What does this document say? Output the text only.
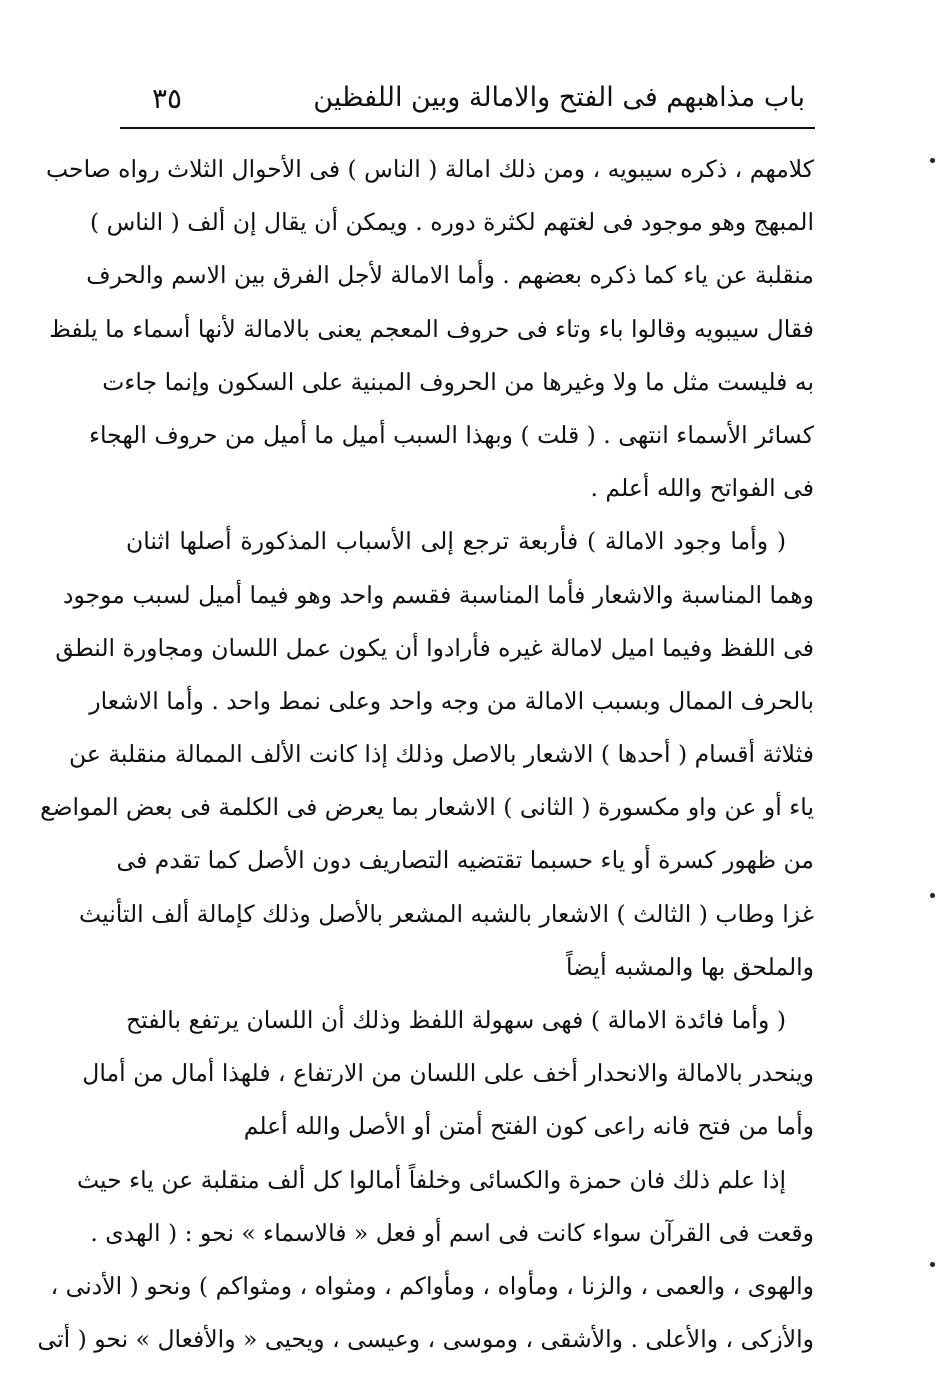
باب مذاهبهم فى الفتح والامالة وبين اللفظين
٣٥
كلامهم ، ذكره سيبويه ، ومن ذلك امالة ( الناس ) فى الأحوال الثلاث رواه صاحب
المبهج وهو موجود فى لغتهم لكثرة دوره . ويمكن أن يقال إن ألف ( الناس )
منقلبة عن ياء كما ذكره بعضهم . وأما الامالة لأجل الفرق بين الاسم والحرف
فقال سيبويه وقالوا باء وتاء فى حروف المعجم يعنى بالامالة لأنها أسماء ما يلفظ
به فليست مثل ما ولا وغيرها من الحروف المبنية على السكون وإنما جاءت
كسائر الأسماء انتهى . ( قلت ) وبهذا السبب أميل ما أميل من حروف الهجاء
فى الفواتح والله أعلم .
( وأما وجود الامالة ) فأربعة ترجع إلى الأسباب المذكورة أصلها اثنان
وهما المناسبة والاشعار فأما المناسبة فقسم واحد وهو فيما أميل لسبب موجود
فى اللفظ وفيما اميل لامالة غيره فأرادوا أن يكون عمل اللسان ومجاورة النطق
بالحرف الممال وبسبب الامالة من وجه واحد وعلى نمط واحد . وأما الاشعار
فثلاثة أقسام ( أحدها ) الاشعار بالاصل وذلك إذا كانت الألف الممالة منقلبة عن
ياء أو عن واو مكسورة ( الثانى ) الاشعار بما يعرض فى الكلمة فى بعض المواضع
من ظهور كسرة أو ياء حسبما تقتضيه التصاريف دون الأصل كما تقدم فى
غزا وطاب ( الثالث ) الاشعار بالشبه المشعر بالأصل وذلك كإمالة ألف التأنيث
والملحق بها والمشبه أيضاً
( وأما فائدة الامالة ) فهى سهولة اللفظ وذلك أن اللسان يرتفع بالفتح
وينحدر بالامالة والانحدار أخف على اللسان من الارتفاع ، فلهذا أمال من أمال
وأما من فتح فانه راعى كون الفتح أمتن أو الأصل والله أعلم
إذا علم ذلك فان حمزة والكسائى وخلفاً أمالوا كل ألف منقلبة عن ياء حيث
وقعت فى القرآن سواء كانت فى اسم أو فعل « فالاسماء » نحو : ( الهدى .
والهوى ، والعمى ، والزنا ، ومأواه ، ومأواكم ، ومثواه ، ومثواكم ) ونحو ( الأدنى ،
والأزكى ، والأعلى . والأشقى ، وموسى ، وعيسى ، ويحيى « والأفعال » نحو ( أتى
